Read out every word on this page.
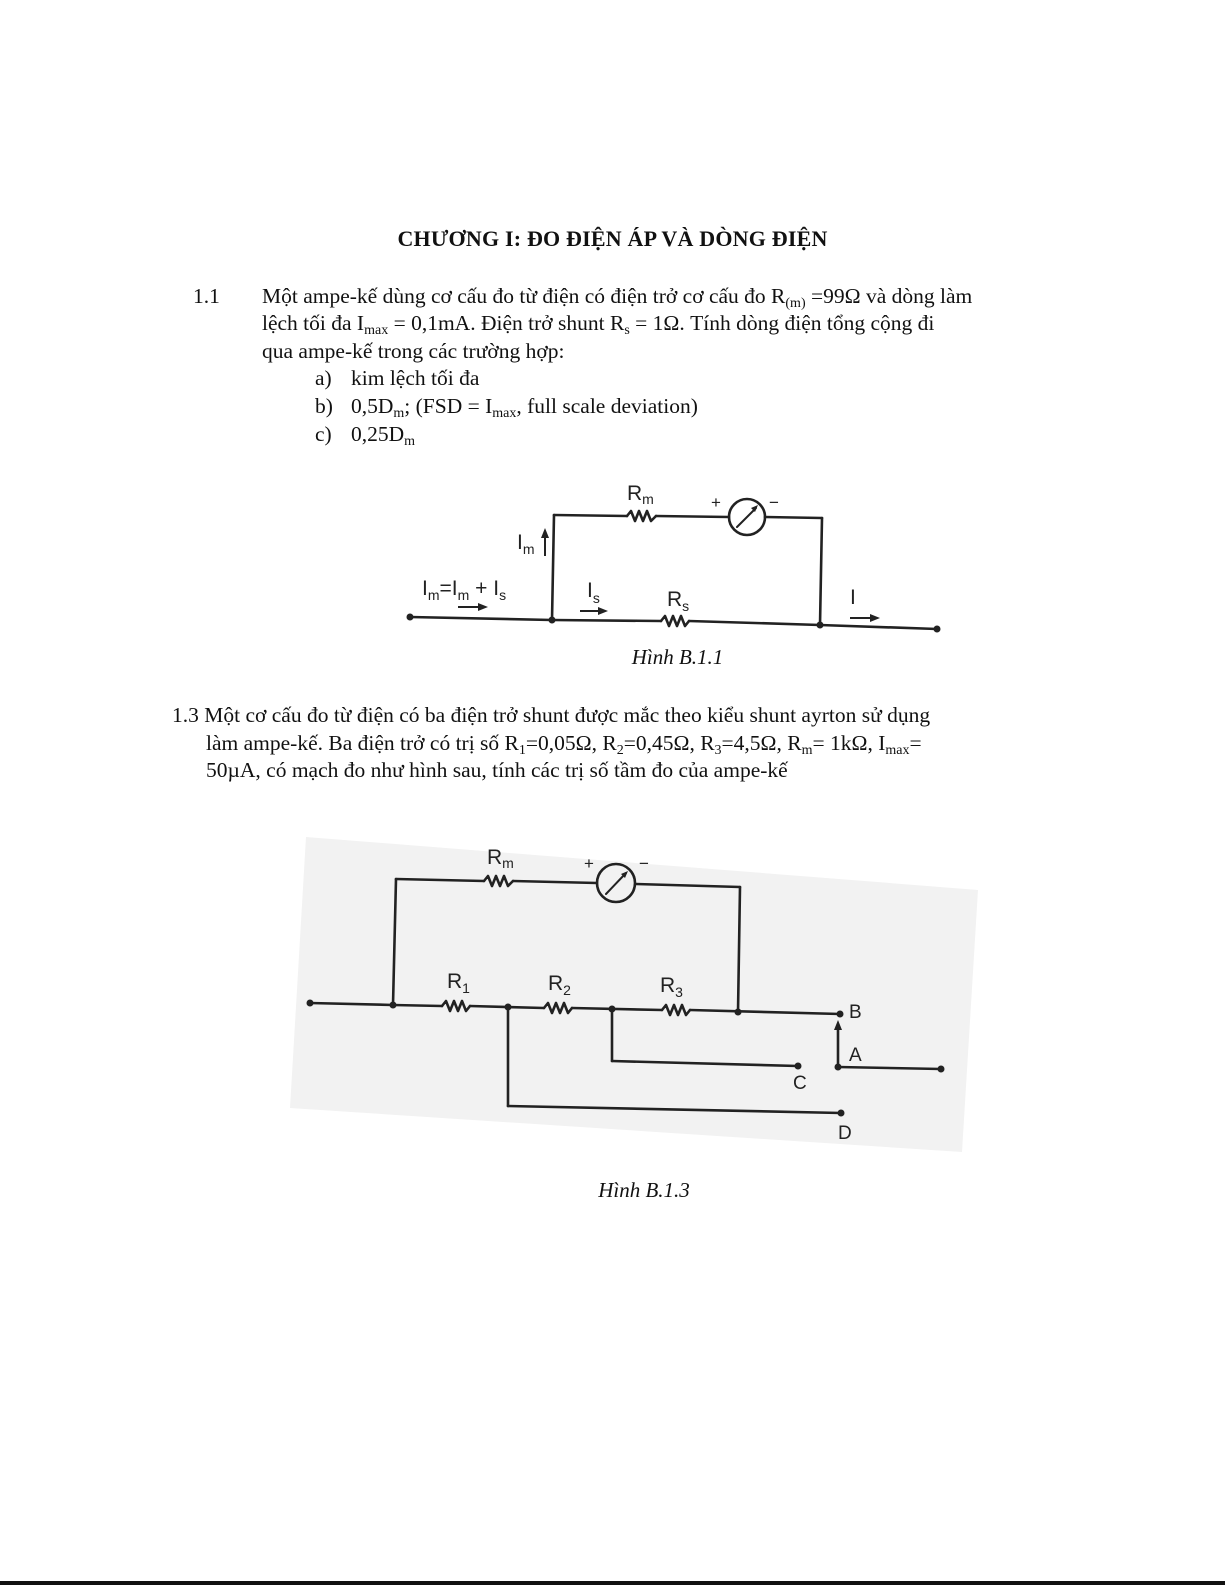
CHƯƠNG I: ĐO ĐIỆN ÁP VÀ DÒNG ĐIỆN
1.1 Một ampe-kế dùng cơ cấu đo từ điện có điện trở cơ cấu đo $R_{(m)} =99\Omega$ và dòng làm
lệch tối đa $I_{max} = 0,1mA$. Điện trở shunt $R_s = 1\Omega$. Tính dòng điện tổng cộng đi
qua ampe-kế trong các trường hợp:
a) kim lệch tối đa
b) $0,5D_m$; ($FSD = I_{max}$, full scale deviation)
c) $0,25D_m$
Rm	+	−
$I_m$
$I_m=I_m + I_s$	$I_s$	$R_s$	I
Hình B.1.1
1.3 Một cơ cấu đo từ điện có ba điện trở shunt được mắc theo kiểu shunt ayrton sử dụng
làm ampe-kế. Ba điện trở có trị số $R_1=0,05\Omega$, $R_2=0,45\Omega$, $R_3=4,5\Omega$, $R_m= 1k\Omega$, $I_{max}=$
50µA, có mạch đo như hình sau, tính các trị số tầm đo của ampe-kế
Rm	+	−
$R_1$	$R_2$	$R_3$
B
A
C
D
Hình B.1.3
